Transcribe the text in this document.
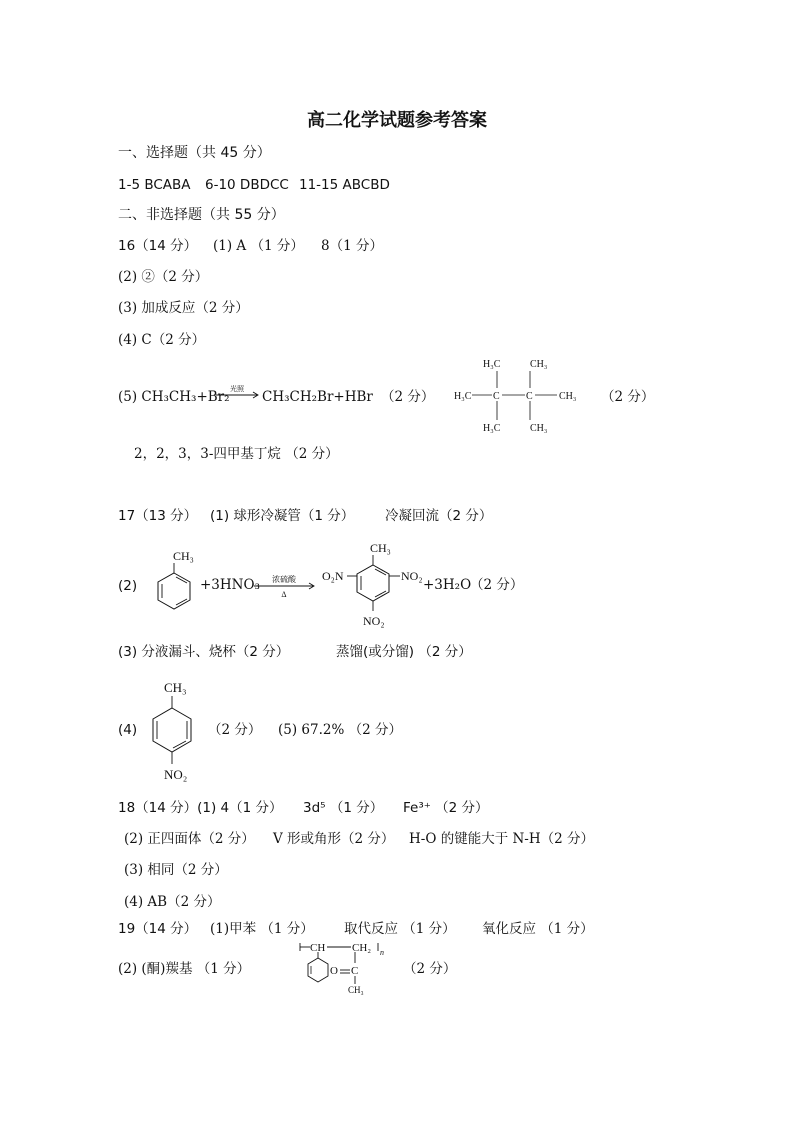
高二化学试题参考答案
一、选择题（共 45 分）
1-5 BCABA 6-10 DBDCC 11-15 ABCBD
二、非选择题（共 55 分）
16（14 分） (1) A （1 分） 8（1 分）
(2) ②（2 分）
(3) 加成反应（2 分）
(4) C（2 分）
(5) CH₃CH₃+Br₂ 光照 CH₃CH₂Br+HBr （2 分）
H₃C	CH₃
H₃C C	C	CH₃
H₃C	CH₃
（2 分）
2，2，3，3-四甲基丁烷 （2 分）
17（13 分） (1) 球形冷凝管（1 分） 冷凝回流（2 分）
(2)
CH₃
+3HNO₃ 浓硫酸
Δ
CH₃
O₂N	NO₂
NO₂
+3H₂O
（2 分）
(3) 分液漏斗、烧杯（2 分）	蒸馏(或分馏) （2 分）
(4)
CH₃
NO₂
（2 分） (5) 67.2% （2 分）
18（14 分）(1) 4（1 分） 3d⁵ （1 分） Fe³⁺ （2 分）
(2) 正四面体（2 分） V 形或角形（2 分） H-O 的键能大于 N-H（2 分）
(3) 相同（2 分）
(4) AB（2 分）
19（14 分） (1)甲苯 （1 分） 取代反应 （1 分） 氧化反应 （1 分）
(2) (酮)羰基 （1 分）
CH CH₂ n
O C
CH₃
（2 分）
